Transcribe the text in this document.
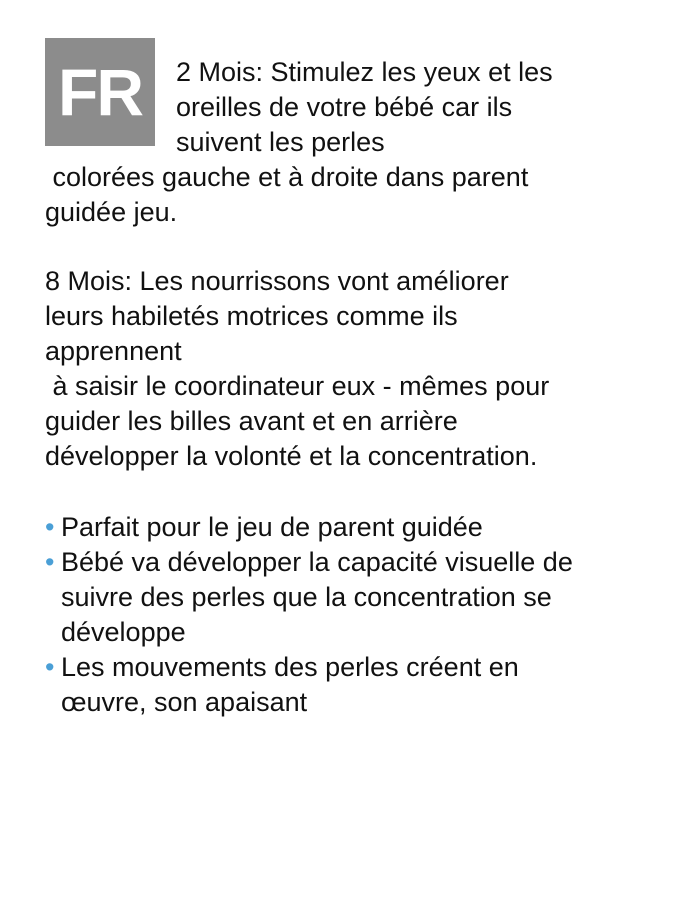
FR	2 Mois: Stimulez les yeux et les
oreilles de votre bébé car ils
suivent les perles
colorées gauche et à droite dans parent
guidée jeu.
8 Mois: Les nourrissons vont améliorer
leurs habiletés motrices comme ils
apprennent
à saisir le coordinateur eux - mêmes pour
guider les billes avant et en arrière
développer la volonté et la concentration.
• Parfait pour le jeu de parent guidée
• Bébé va développer la capacité visuelle de
suivre des perles que la concentration se
développe
• Les mouvements des perles créent en
œuvre, son apaisant
